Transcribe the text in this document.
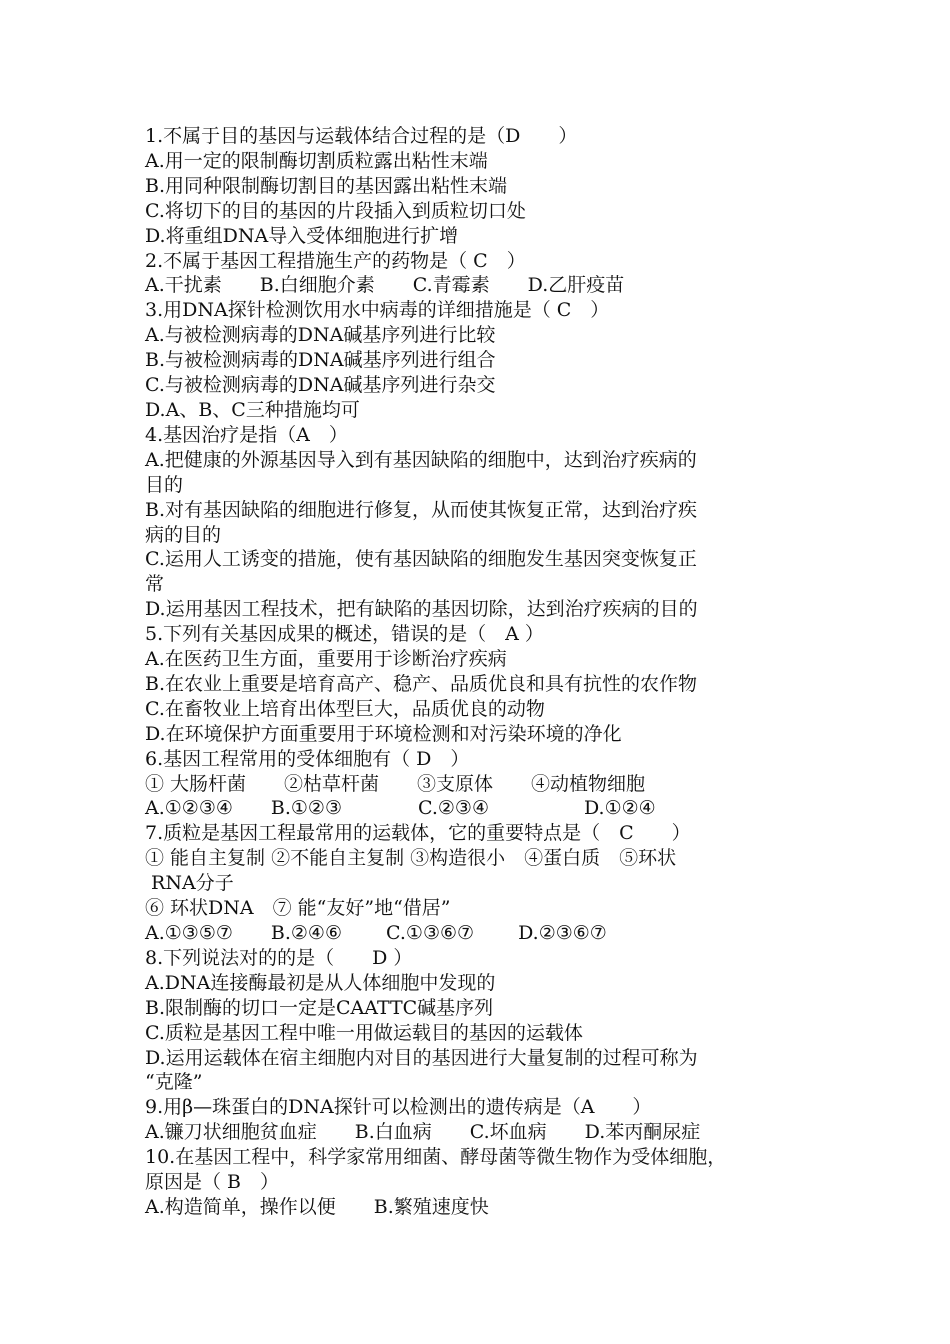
1.不属于目的基因与运载体结合过程的是（D　　）

A.用一定的限制酶切割质粒露出粘性末端

B.用同种限制酶切割目的基因露出粘性末端

C.将切下的目的基因的片段插入到质粒切口处

D.将重组DNA导入受体细胞进行扩增

2.不属于基因工程措施生产的药物是（ C　）

A.干扰素　　B.白细胞介素　　C.青霉素　　D.乙肝疫苗

3.用DNA探针检测饮用水中病毒的详细措施是（ C　）

A.与被检测病毒的DNA碱基序列进行比较

B.与被检测病毒的DNA碱基序列进行组合

C.与被检测病毒的DNA碱基序列进行杂交

D.A、B、C三种措施均可

4.基因治疗是指（A　）

A.把健康的外源基因导入到有基因缺陷的细胞中，达到治疗疾病的

目的

B.对有基因缺陷的细胞进行修复，从而使其恢复正常，达到治疗疾

病的目的

C.运用人工诱变的措施，使有基因缺陷的细胞发生基因突变恢复正

常

D.运用基因工程技术，把有缺陷的基因切除，达到治疗疾病的目的

5.下列有关基因成果的概述，错误的是（　A ）

A.在医药卫生方面，重要用于诊断治疗疾病

B.在农业上重要是培育高产、稳产、品质优良和具有抗性的农作物

C.在畜牧业上培育出体型巨大，品质优良的动物

D.在环境保护方面重要用于环境检测和对污染环境的净化

6.基因工程常用的受体细胞有（ D　）

① 大肠杆菌　　②枯草杆菌　　③支原体　　④动植物细胞

A.①②③④　　B.①②③　　　　C.②③④　　　　　D.①②④

7.质粒是基因工程最常用的运载体，它的重要特点是（　C　　）

① 能自主复制 ②不能自主复制 ③构造很小　④蛋白质　⑤环状

RNA分子

⑥ 环状DNA　⑦ 能“友好”地“借居”

A.①③⑤⑦　　B.②④⑥　　 C.①③⑥⑦　　 D.②③⑥⑦

8.下列说法对的的是（　　D ）

A.DNA连接酶最初是从人体细胞中发现的

B.限制酶的切口一定是CAATTC碱基序列

C.质粒是基因工程中唯一用做运载目的基因的运载体

D.运用运载体在宿主细胞内对目的基因进行大量复制的过程可称为

“克隆”

9.用β—珠蛋白的DNA探针可以检测出的遗传病是（A　　）

A.镰刀状细胞贫血症　　B.白血病　　C.坏血病　　D.苯丙酮尿症

10.在基因工程中，科学家常用细菌、酵母菌等微生物作为受体细胞，

原因是（ B　）

A.构造简单，操作以便　　B.繁殖速度快
